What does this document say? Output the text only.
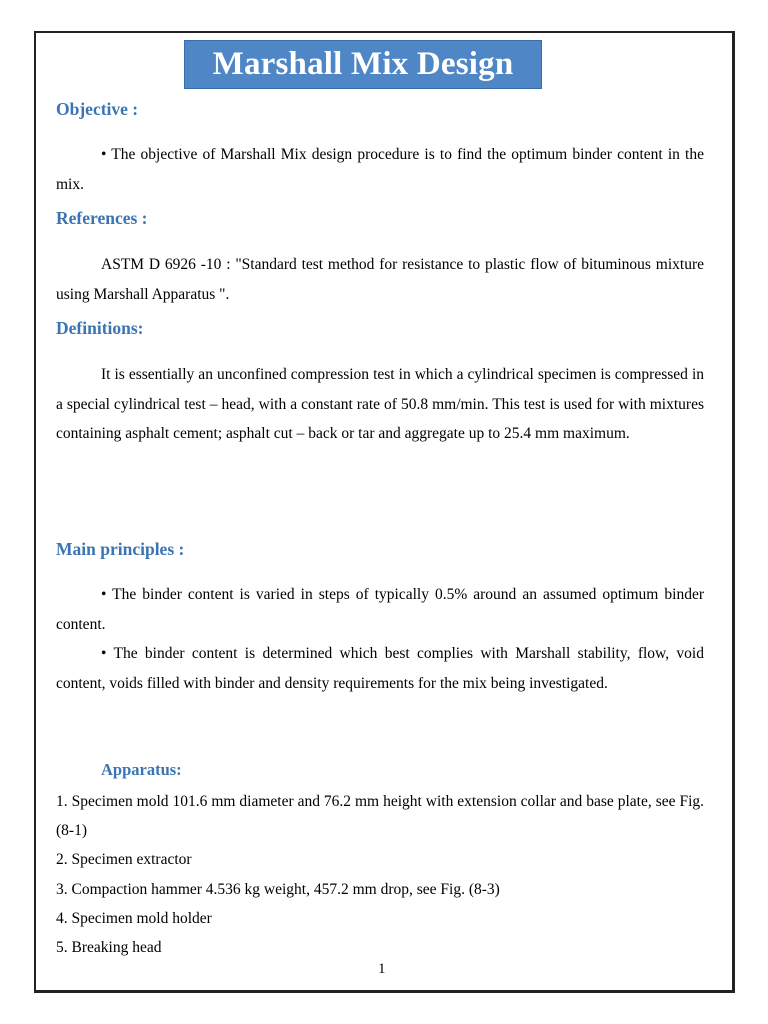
Marshall Mix Design
Objective :

• The objective of Marshall Mix design procedure is to find the optimum binder content in the mix.

References :

ASTM D 6926 -10 : "Standard test method for resistance to plastic flow of bituminous mixture using Marshall Apparatus ".

Definitions:

It is essentially an unconfined compression test in which a cylindrical specimen is compressed in a special cylindrical test – head, with a constant rate of 50.8 mm/min. This test is used for with mixtures containing asphalt cement; asphalt cut – back or tar and aggregate up to 25.4 mm maximum.

Main principles :

• The binder content is varied in steps of typically 0.5% around an assumed optimum binder content.

• The binder content is determined which best complies with Marshall stability, flow, void content, voids filled with binder and density requirements for the mix being investigated.

Apparatus:
1. Specimen mold 101.6 mm diameter and 76.2 mm height with extension collar and base plate, see Fig. (8-1)
2. Specimen extractor
3. Compaction hammer 4.536 kg weight, 457.2 mm drop, see Fig. (8-3)
4. Specimen mold holder
5. Breaking head
1
